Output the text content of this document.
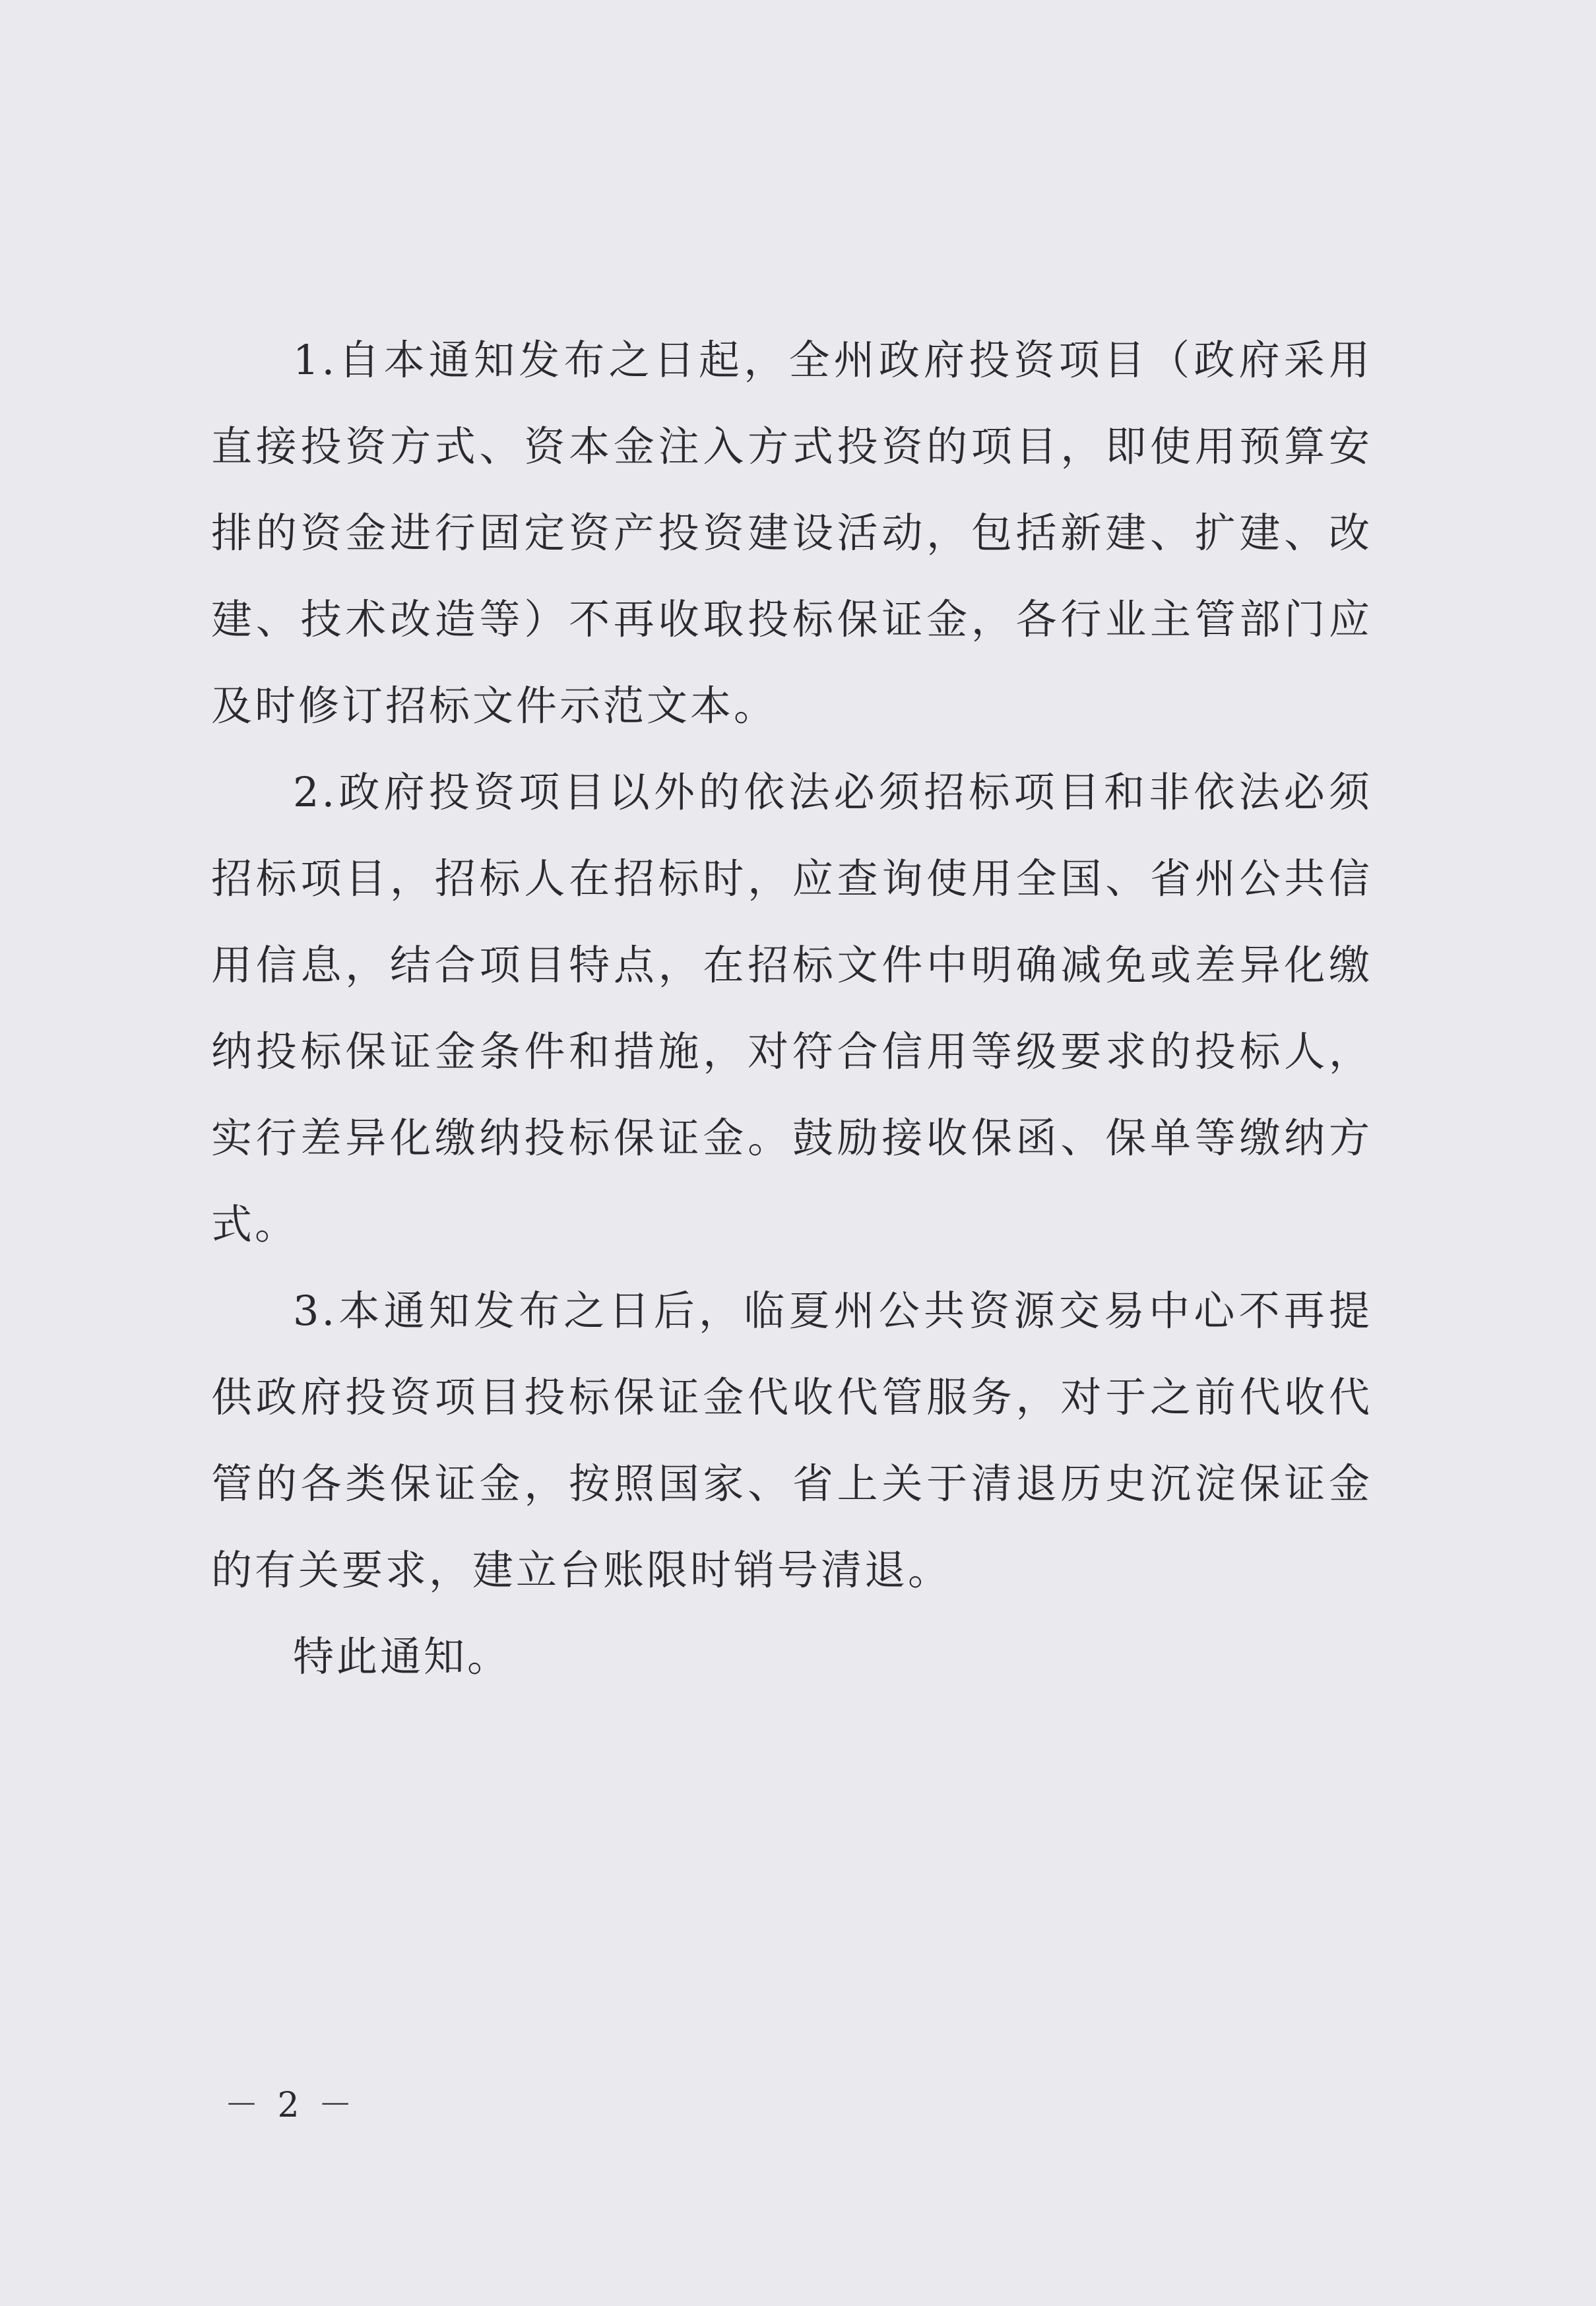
1.自本通知发布之日起，全州政府投资项目（政府采用直接投资方式、资本金注入方式投资的项目，即使用预算安排的资金进行固定资产投资建设活动，包括新建、扩建、改建、技术改造等）不再收取投标保证金，各行业主管部门应及时修订招标文件示范文本。

2.政府投资项目以外的依法必须招标项目和非依法必须招标项目，招标人在招标时，应查询使用全国、省州公共信用信息，结合项目特点，在招标文件中明确减免或差异化缴纳投标保证金条件和措施，对符合信用等级要求的投标人，实行差异化缴纳投标保证金。鼓励接收保函、保单等缴纳方式。

3.本通知发布之日后，临夏州公共资源交易中心不再提供政府投资项目投标保证金代收代管服务，对于之前代收代管的各类保证金，按照国家、省上关于清退历史沉淀保证金的有关要求，建立台账限时销号清退。

特此通知。

－ 2 －
